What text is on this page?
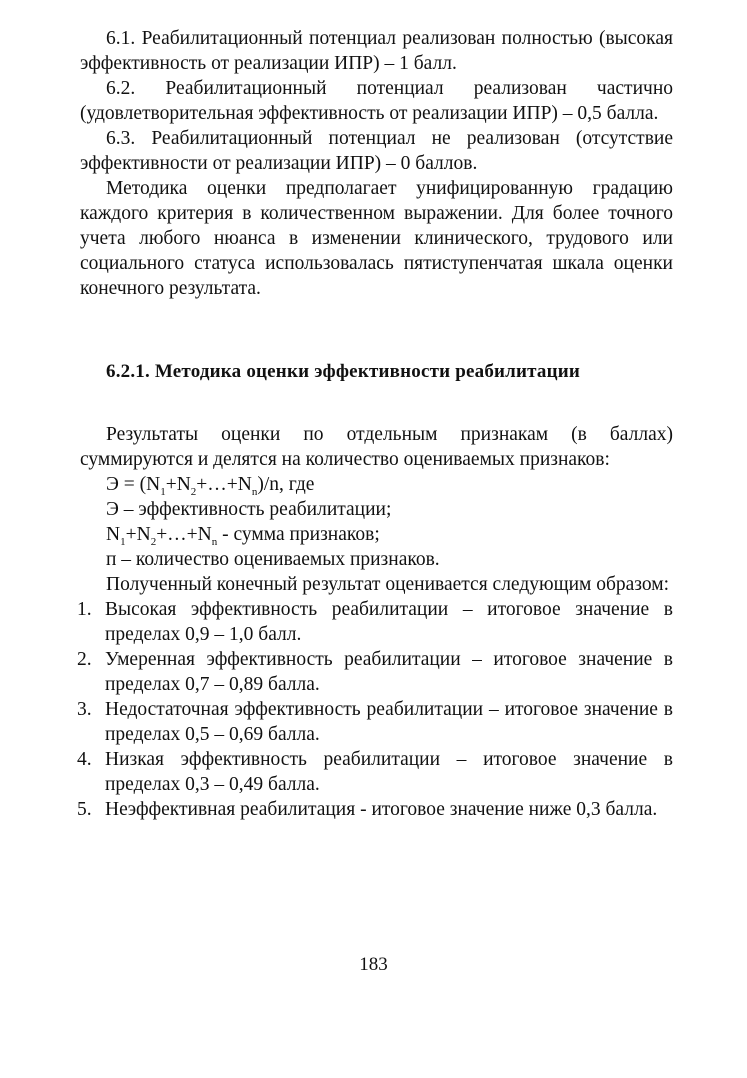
6.1. Реабилитационный потенциал реализован полностью (высокая эффективность от реализации ИПР) – 1 балл.

6.2. Реабилитационный потенциал реализован частично (удовлетворительная эффективность от реализации ИПР) – 0,5 балла.

6.3. Реабилитационный потенциал не реализован (отсутствие эффективности от реализации ИПР) – 0 баллов.

Методика оценки предполагает унифицированную градацию каждого критерия в количественном выражении. Для более точного учета любого нюанса в изменении клинического, трудового или социального статуса использовалась пятиступенчатая шкала оценки конечного результата.

6.2.1. Методика оценки эффективности реабилитации

Результаты оценки по отдельным признакам (в баллах) суммируются и делятся на количество оцениваемых признаков:

$Э = (N_1+N_2+\dots+N_n)/n$, где

Э – эффективность реабилитации;

$N_1+N_2+\dots+N_n$ - сумма признаков;

п – количество оцениваемых признаков.

Полученный конечный результат оценивается следующим образом:

1. Высокая эффективность реабилитации – итоговое значение в пределах 0,9 – 1,0 балл.
2. Умеренная эффективность реабилитации – итоговое значение в пределах 0,7 – 0,89 балла.
3. Недостаточная эффективность реабилитации – итоговое значение в пределах 0,5 – 0,69 балла.
4. Низкая эффективность реабилитации – итоговое значение в пределах 0,3 – 0,49 балла.
5. Неэффективная реабилитация - итоговое значение ниже 0,3 балла.
183
